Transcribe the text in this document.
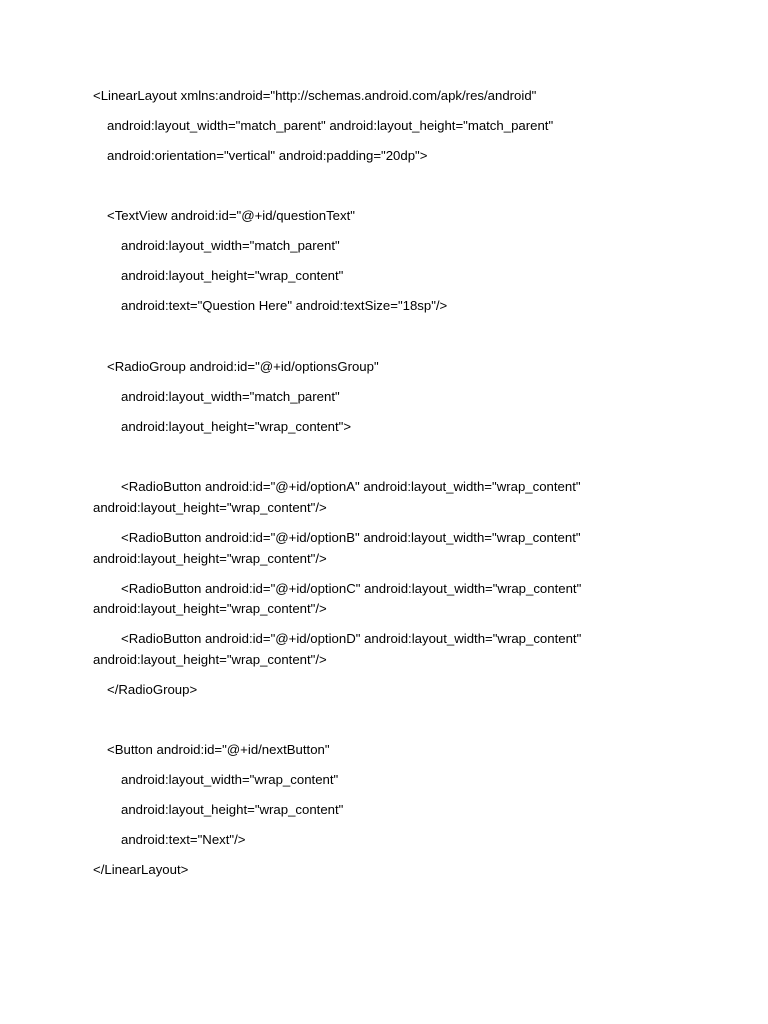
<LinearLayout xmlns:android="http://schemas.android.com/apk/res/android"
android:layout_width="match_parent" android:layout_height="match_parent"
android:orientation="vertical" android:padding="20dp">
<TextView android:id="@+id/questionText"
android:layout_width="match_parent"
android:layout_height="wrap_content"
android:text="Question Here" android:textSize="18sp"/>
<RadioGroup android:id="@+id/optionsGroup"
android:layout_width="match_parent"
android:layout_height="wrap_content">
<RadioButton android:id="@+id/optionA" android:layout_width="wrap_content"
android:layout_height="wrap_content"/>
<RadioButton android:id="@+id/optionB" android:layout_width="wrap_content"
android:layout_height="wrap_content"/>
<RadioButton android:id="@+id/optionC" android:layout_width="wrap_content"
android:layout_height="wrap_content"/>
<RadioButton android:id="@+id/optionD" android:layout_width="wrap_content"
android:layout_height="wrap_content"/>
</RadioGroup>
<Button android:id="@+id/nextButton"
android:layout_width="wrap_content"
android:layout_height="wrap_content"
android:text="Next"/>
</LinearLayout>
